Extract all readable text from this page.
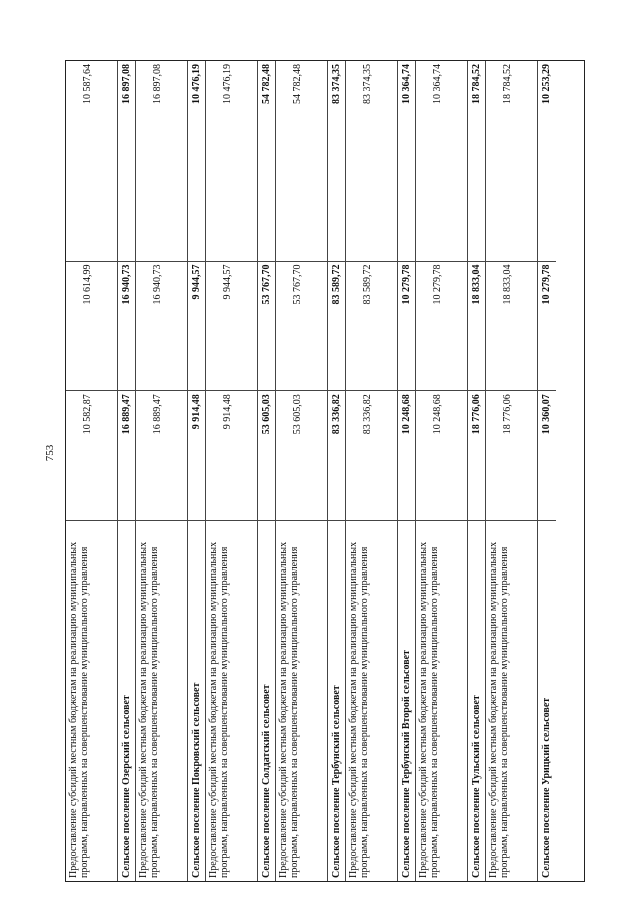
753
Предоставление субсидий местным бюджетам на реализацию муниципальных программ, направленных на совершенствование муниципального управления
10 582,87
10 614,99
10 587,64
Сельское поселение Озерский сельсовет
16 889,47
16 940,73
16 897,08
Предоставление субсидий местным бюджетам на реализацию муниципальных программ, направленных на совершенствование муниципального управления
16 889,47
16 940,73
16 897,08
Сельское поселение Покровский сельсовет
9 914,48
9 944,57
10 476,19
Предоставление субсидий местным бюджетам на реализацию муниципальных программ, направленных на совершенствование муниципального управления
9 914,48
9 944,57
10 476,19
Сельское поселение Солдатский сельсовет
53 605,03
53 767,70
54 782,48
Предоставление субсидий местным бюджетам на реализацию муниципальных программ, направленных на совершенствование муниципального управления
53 605,03
53 767,70
54 782,48
Сельское поселение Тербунский сельсовет
83 336,82
83 589,72
83 374,35
Предоставление субсидий местным бюджетам на реализацию муниципальных программ, направленных на совершенствование муниципального управления
83 336,82
83 589,72
83 374,35
Сельское поселение Тербунский Второй сельсовет
10 248,68
10 279,78
10 364,74
Предоставление субсидий местным бюджетам на реализацию муниципальных программ, направленных на совершенствование муниципального управления
10 248,68
10 279,78
10 364,74
Сельское поселение Тульский сельсовет
18 776,06
18 833,04
18 784,52
Предоставление субсидий местным бюджетам на реализацию муниципальных программ, направленных на совершенствование муниципального управления
18 776,06
18 833,04
18 784,52
Сельское поселение Урицкий сельсовет
10 360,07
10 279,78
10 253,29
